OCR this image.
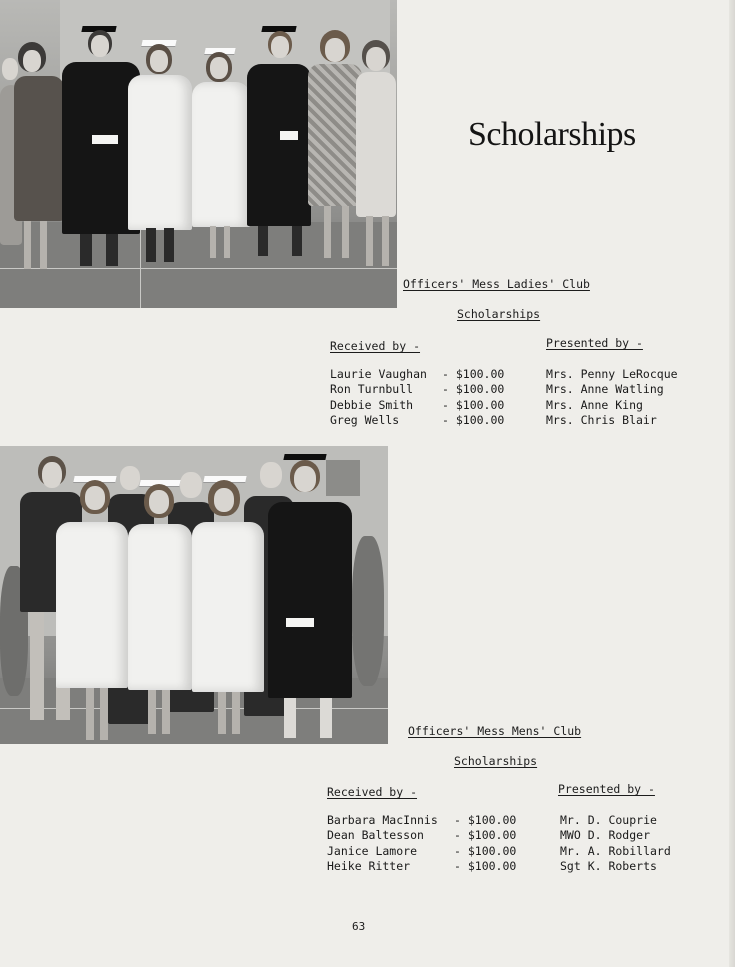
Scholarships
Officers' Mess Ladies' Club
Scholarships
Received by -	Presented by -
Laurie Vaughan - $100.00	Mrs. Penny LeRocque
Ron Turnbull	- $100.00	Mrs. Anne Watling
Debbie Smith	- $100.00	Mrs. Anne King
Greg Wells	- $100.00	Mrs. Chris Blair
Officers' Mess Mens' Club
Scholarships
Received by -	Presented by -
Barbara MacInnis - $100.00	Mr. D. Couprie
Dean Baltesson	- $100.00	MWO D. Rodger
Janice Lamore	- $100.00	Mr. A. Robillard
Heike Ritter	- $100.00	Sgt K. Roberts
63
